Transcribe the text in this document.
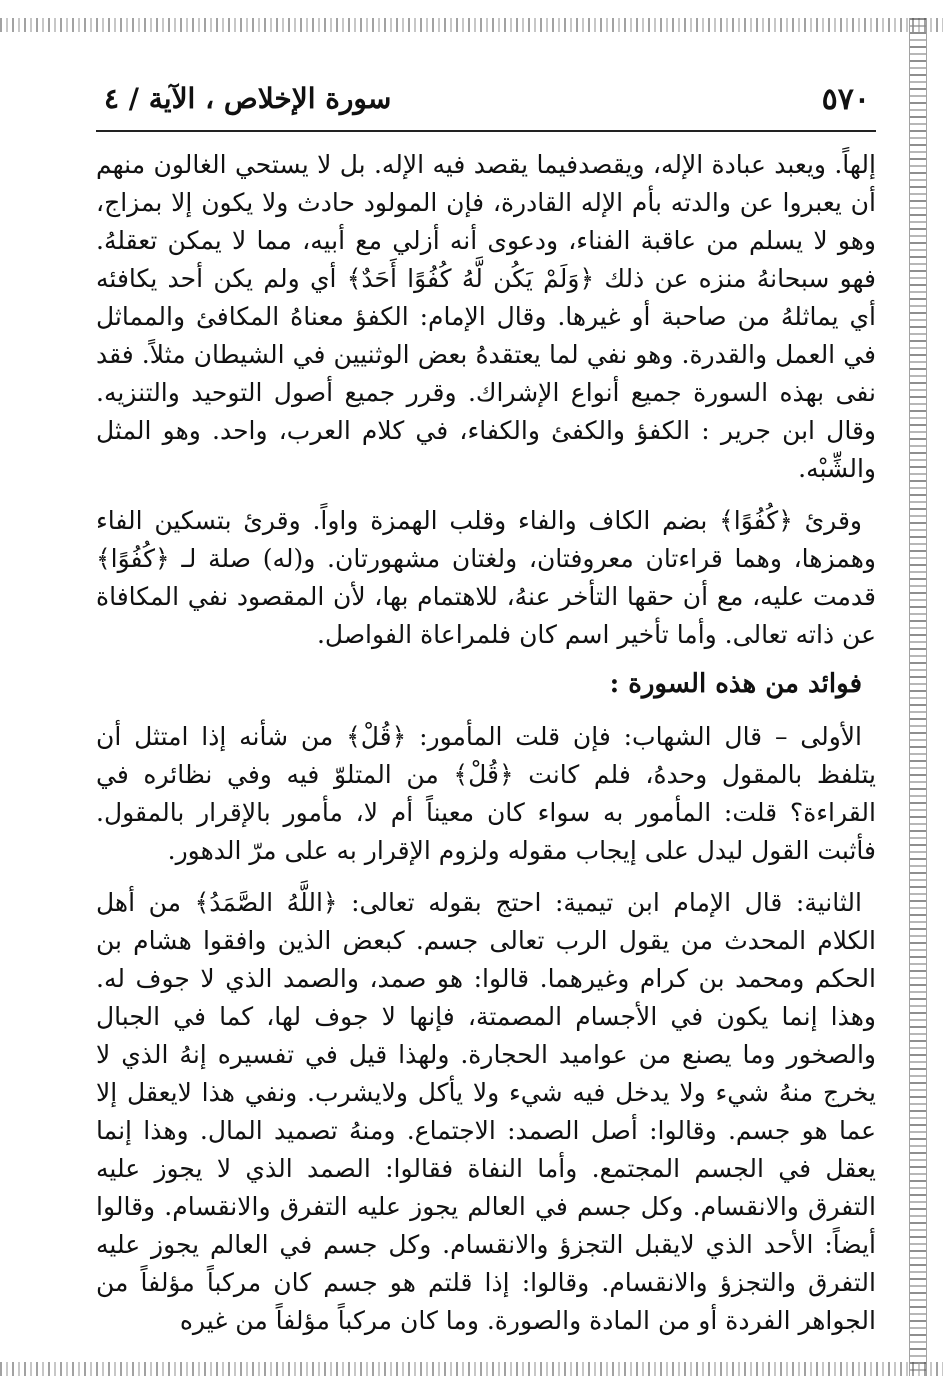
٥٧٠
سورة الإخلاص ، الآية / ٤

إلهاً. ويعبد عبادة الإله، ويقصدفيما يقصد فيه الإله. بل لا يستحي الغالون منهم أن يعبروا عن والدته بأم الإله القادرة، فإن المولود حادث ولا يكون إلا بمزاج، وهو لا يسلم من عاقبة الفناء، ودعوى أنه أزلي مع أبيه، مما لا يمكن تعقلهُ. فهو سبحانهُ منزه عن ذلك ﴿وَلَمْ يَكُن لَّهُ كُفُوًا أَحَدٌ﴾ أي ولم يكن أحد يكافئه أي يماثلهُ من صاحبة أو غيرها. وقال الإمام: الكفؤ معناهُ المكافئ والمماثل في العمل والقدرة. وهو نفي لما يعتقدهُ بعض الوثنيين في الشيطان مثلاً. فقد نفى بهذه السورة جميع أنواع الإشراك. وقرر جميع أصول التوحيد والتنزيه. وقال ابن جرير : الكفؤ والكفئ والكفاء، في كلام العرب، واحد. وهو المثل والشِّبْه.

وقرئ ﴿كُفُوًا﴾ بضم الكاف والفاء وقلب الهمزة واواً. وقرئ بتسكين الفاء وهمزها، وهما قراءتان معروفتان، ولغتان مشهورتان. و(له) صلة لـ ﴿كُفُوًا﴾ قدمت عليه، مع أن حقها التأخر عنهُ، للاهتمام بها، لأن المقصود نفي المكافاة عن ذاته تعالى. وأما تأخير اسم كان فلمراعاة الفواصل.

فوائد من هذه السورة :

الأولى – قال الشهاب: فإن قلت المأمور: ﴿قُلْ﴾ من شأنه إذا امتثل أن يتلفظ بالمقول وحدهُ، فلم كانت ﴿قُلْ﴾ من المتلوّ فيه وفي نظائره في القراءة؟ قلت: المأمور به سواء كان معيناً أم لا، مأمور بالإقرار بالمقول. فأثبت القول ليدل على إيجاب مقوله ولزوم الإقرار به على مرّ الدهور.

الثانية: قال الإمام ابن تيمية: احتج بقوله تعالى: ﴿اللَّهُ الصَّمَدُ﴾ من أهل الكلام المحدث من يقول الرب تعالى جسم. كبعض الذين وافقوا هشام بن الحكم ومحمد بن كرام وغيرهما. قالوا: هو صمد، والصمد الذي لا جوف له. وهذا إنما يكون في الأجسام المصمتة، فإنها لا جوف لها، كما في الجبال والصخور وما يصنع من عواميد الحجارة. ولهذا قيل في تفسيره إنهُ الذي لا يخرج منهُ شيء ولا يدخل فيه شيء ولا يأكل ولايشرب. ونفي هذا لايعقل إلا عما هو جسم. وقالوا: أصل الصمد: الاجتماع. ومنهُ تصميد المال. وهذا إنما يعقل في الجسم المجتمع. وأما النفاة فقالوا: الصمد الذي لا يجوز عليه التفرق والانقسام. وكل جسم في العالم يجوز عليه التفرق والانقسام. وقالوا أيضاً: الأحد الذي لايقبل التجزؤ والانقسام. وكل جسم في العالم يجوز عليه التفرق والتجزؤ والانقسام. وقالوا: إذا قلتم هو جسم كان مركباً مؤلفاً من الجواهر الفردة أو من المادة والصورة. وما كان مركباً مؤلفاً من غيره
